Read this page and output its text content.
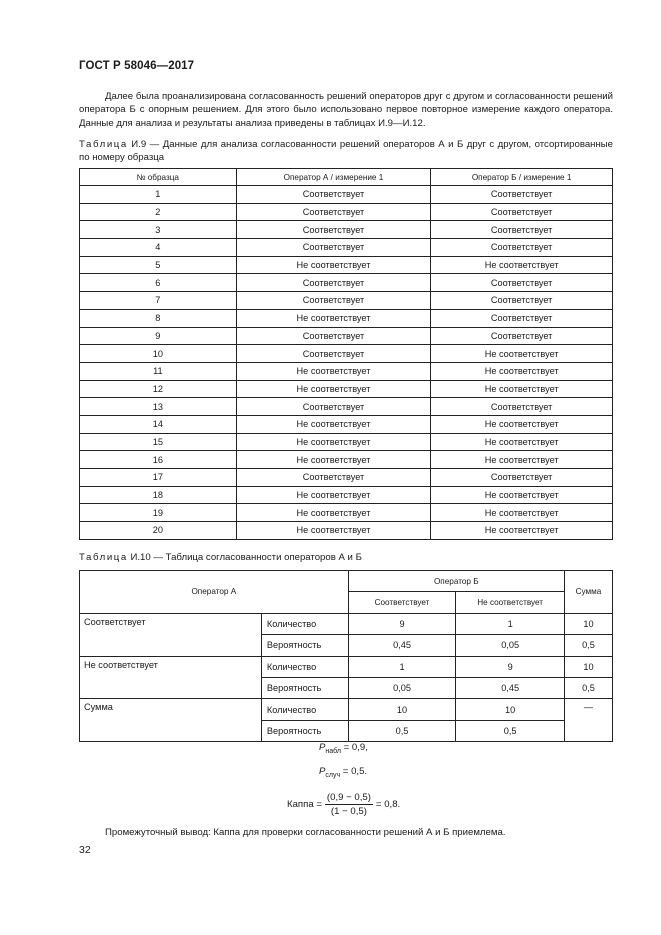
ГОСТ Р 58046—2017
Далее была проанализирована согласованность решений операторов друг с другом и согласованности решений оператора Б с опорным решением. Для этого было использовано первое повторное измерение каждого оператора. Данные для анализа и результаты анализа приведены в таблицах И.9—И.12.
Таблица И.9 — Данные для анализа согласованности решений операторов А и Б друг с другом, отсортированные по номеру образца
№ образца	Оператор А / измерение 1	Оператор Б / измерение 1
1	Соответствует	Соответствует
2	Соответствует	Соответствует
3	Соответствует	Соответствует
4	Соответствует	Соответствует
5	Не соответствует	Не соответствует
6	Соответствует	Соответствует
7	Соответствует	Соответствует
8	Не соответствует	Соответствует
9	Соответствует	Соответствует
10	Соответствует	Не соответствует
11	Не соответствует	Не соответствует
12	Не соответствует	Не соответствует
13	Соответствует	Соответствует
14	Не соответствует	Не соответствует
15	Не соответствует	Не соответствует
16	Не соответствует	Не соответствует
17	Соответствует	Соответствует
18	Не соответствует	Не соответствует
19	Не соответствует	Не соответствует
20	Не соответствует	Не соответствует
Таблица И.10 — Таблица согласованности операторов А и Б
Оператор А		Оператор Б		Сумма
		Соответствует	Не соответствует	
Соответствует	Количество	9	1	10
	Вероятность	0,45	0,05	0,5
Не соответствует	Количество	1	9	10
	Вероятность	0,05	0,45	0,5
Сумма	Количество	10	10	—
	Вероятность	0,5	0,5	
$P_{набл} = 0,9$,
$P_{случ} = 0,5$.
Каппа = $\frac{(0,9 - 0,5)}{(1 - 0,5)} = 0,8$.
Промежуточный вывод: Каппа для проверки согласованности решений А и Б приемлема.
32
